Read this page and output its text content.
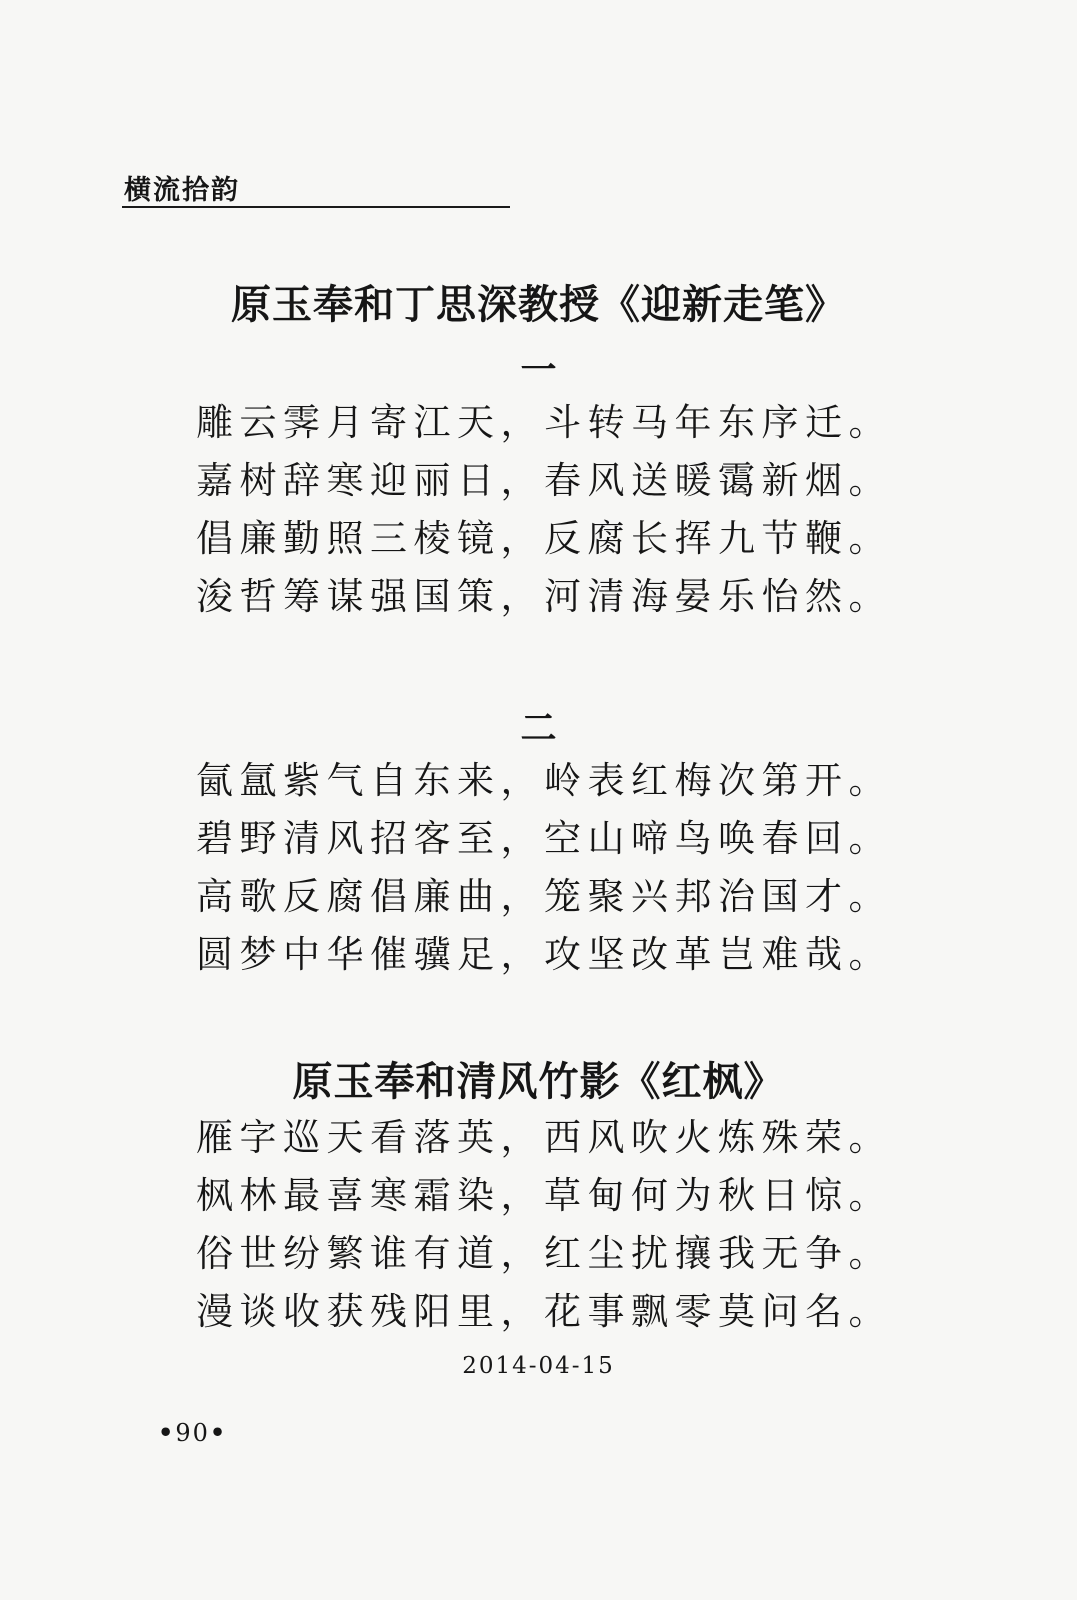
横流拾韵
原玉奉和丁思深教授《迎新走笔》
一
雕云霁月寄江天，斗转马年东序迁。
嘉树辞寒迎丽日，春风送暖霭新烟。
倡廉勤照三棱镜，反腐长挥九节鞭。
浚哲筹谋强国策，河清海晏乐怡然。
二
氤氲紫气自东来，岭表红梅次第开。
碧野清风招客至，空山啼鸟唤春回。
高歌反腐倡廉曲，笼聚兴邦治国才。
圆梦中华催骥足，攻坚改革岂难哉。
原玉奉和清风竹影《红枫》
雁字巡天看落英，西风吹火炼殊荣。
枫林最喜寒霜染，草甸何为秋日惊。
俗世纷繁谁有道，红尘扰攘我无争。
漫谈收获残阳里，花事飘零莫问名。
2014-04-15
•90•
